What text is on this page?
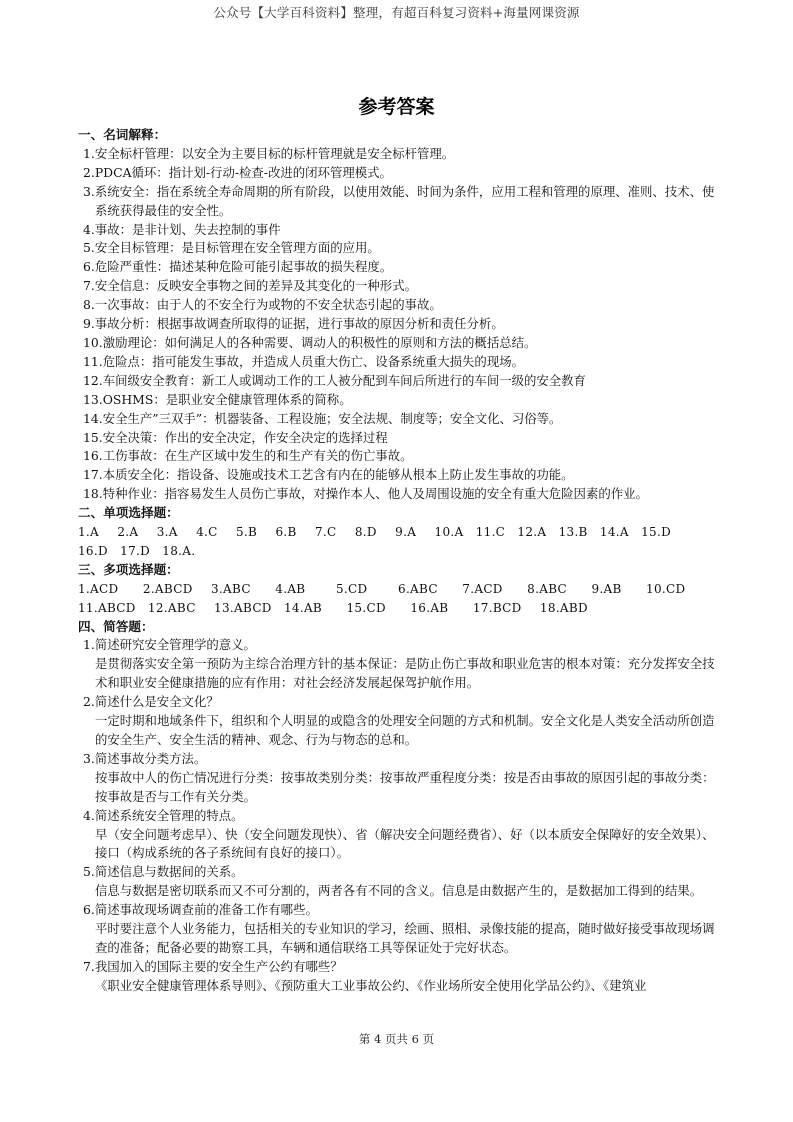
公众号【大学百科资料】整理，有超百科复习资料+海量网课资源
参考答案
一、名词解释：
1.安全标杆管理：以安全为主要目标的标杆管理就是安全标杆管理。
2.PDCA循环：指计划-行动-检查-改进的闭环管理模式。
3.系统安全：指在系统全寿命周期的所有阶段，以使用效能、时间为条件，应用工程和管理的原理、准则、技术、使系统获得最佳的安全性。
4.事故：是非计划、失去控制的事件
5.安全目标管理：是目标管理在安全管理方面的应用。
6.危险严重性：描述某种危险可能引起事故的损失程度。
7.安全信息：反映安全事物之间的差异及其变化的一种形式。
8.一次事故：由于人的不安全行为或物的不安全状态引起的事故。
9.事故分析：根据事故调查所取得的证据，进行事故的原因分析和责任分析。
10.激励理论：如何满足人的各种需要、调动人的积极性的原则和方法的概括总结。
11.危险点：指可能发生事故，并造成人员重大伤亡、设备系统重大损失的现场。
12.车间级安全教育：新工人或调动工作的工人被分配到车间后所进行的车间一级的安全教育
13.OSHMS：是职业安全健康管理体系的简称。
14.安全生产”三双手”：机器装备、工程设施；安全法规、制度等；安全文化、习俗等。
15.安全决策：作出的安全决定，作安全决定的选择过程
16.工伤事故：在生产区域中发生的和生产有关的伤亡事故。
17.本质安全化：指设备、设施或技术工艺含有内在的能够从根本上防止发生事故的功能。
18.特种作业：指容易发生人员伤亡事故，对操作本人、他人及周围设施的安全有重大危险因素的作业。
二、单项选择题：
1.A   2.A   3.A   4.C   5.B   6.B   7.C   8.D   9.A   10.A  11.C  12.A  13.B  14.A  15.D
16.D  17.D  18.A.
三、多项选择题：
1.ACD    2.ABCD   3.ABC    4.AB     5.CD     6.ABC    7.ACD    8.ABC    9.AB    10.CD
11.ABCD  12.ABC   13.ABCD  14.AB    15.CD    16.AB    17.BCD   18.ABD
四、简答题：
1.简述研究安全管理学的意义。
是贯彻落实安全第一预防为主综合治理方针的基本保证：是防止伤亡事故和职业危害的根本对策：充分发挥安全技术和职业安全健康措施的应有作用：对社会经济发展起保驾护航作用。
2.简述什么是安全文化？
一定时期和地域条件下，组织和个人明显的或隐含的处理安全问题的方式和机制。安全文化是人类安全活动所创造的安全生产、安全生活的精神、观念、行为与物态的总和。
3.简述事故分类方法。
按事故中人的伤亡情况进行分类：按事故类别分类：按事故严重程度分类：按是否由事故的原因引起的事故分类：按事故是否与工作有关分类。
4.简述系统安全管理的特点。
早（安全问题考虑早）、快（安全问题发现快）、省（解决安全问题经费省）、好（以本质安全保障好的安全效果）、接口（构成系统的各子系统间有良好的接口）。
5.简述信息与数据间的关系。
信息与数据是密切联系而又不可分割的，两者各有不同的含义。信息是由数据产生的，是数据加工得到的结果。
6.简述事故现场调查前的准备工作有哪些。
平时要注意个人业务能力，包括相关的专业知识的学习，绘画、照相、录像技能的提高，随时做好接受事故现场调查的准备；配备必要的勘察工具，车辆和通信联络工具等保证处于完好状态。
7.我国加入的国际主要的安全生产公约有哪些？
《职业安全健康管理体系导则》、《预防重大工业事故公约、《作业场所安全使用化学品公约》、《建筑业
第 4 页共 6 页
